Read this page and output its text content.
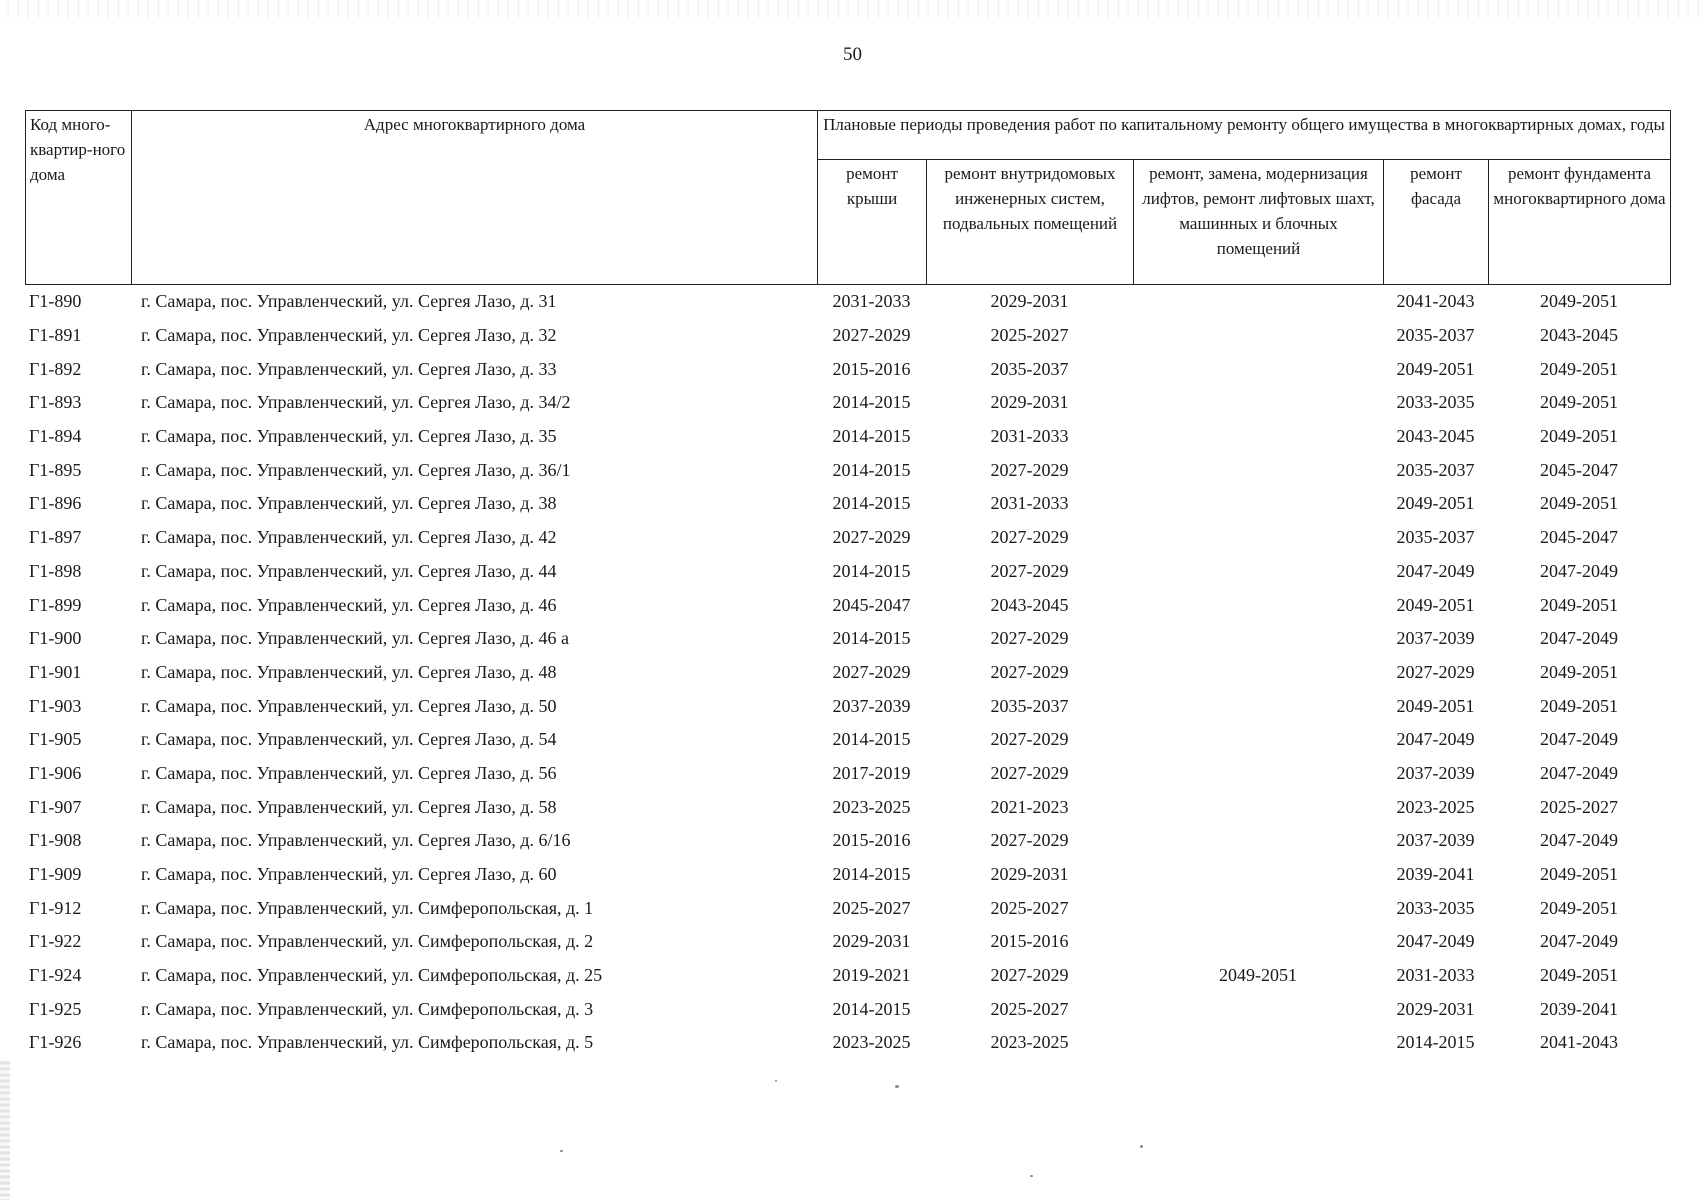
50
Код много-квартир-ного дома	Адрес многоквартирного дома	Плановые периоды проведения работ по капитальному ремонту общего имущества в многоквартирных домах, годы				
		ремонт крыши	ремонт внутридомовых инженерных систем, подвальных помещений	ремонт, замена, модернизация лифтов, ремонт лифтовых шахт, машинных и блочных помещений	ремонт фасада	ремонт фундамента многоквартирного дома
Г1-890	г. Самара, пос. Управленческий, ул. Сергея Лазо, д. 31	2031-2033	2029-2031		2041-2043	2049-2051
Г1-891	г. Самара, пос. Управленческий, ул. Сергея Лазо, д. 32	2027-2029	2025-2027		2035-2037	2043-2045
Г1-892	г. Самара, пос. Управленческий, ул. Сергея Лазо, д. 33	2015-2016	2035-2037		2049-2051	2049-2051
Г1-893	г. Самара, пос. Управленческий, ул. Сергея Лазо, д. 34/2	2014-2015	2029-2031		2033-2035	2049-2051
Г1-894	г. Самара, пос. Управленческий, ул. Сергея Лазо, д. 35	2014-2015	2031-2033		2043-2045	2049-2051
Г1-895	г. Самара, пос. Управленческий, ул. Сергея Лазо, д. 36/1	2014-2015	2027-2029		2035-2037	2045-2047
Г1-896	г. Самара, пос. Управленческий, ул. Сергея Лазо, д. 38	2014-2015	2031-2033		2049-2051	2049-2051
Г1-897	г. Самара, пос. Управленческий, ул. Сергея Лазо, д. 42	2027-2029	2027-2029		2035-2037	2045-2047
Г1-898	г. Самара, пос. Управленческий, ул. Сергея Лазо, д. 44	2014-2015	2027-2029		2047-2049	2047-2049
Г1-899	г. Самара, пос. Управленческий, ул. Сергея Лазо, д. 46	2045-2047	2043-2045		2049-2051	2049-2051
Г1-900	г. Самара, пос. Управленческий, ул. Сергея Лазо, д. 46 а	2014-2015	2027-2029		2037-2039	2047-2049
Г1-901	г. Самара, пос. Управленческий, ул. Сергея Лазо, д. 48	2027-2029	2027-2029		2027-2029	2049-2051
Г1-903	г. Самара, пос. Управленческий, ул. Сергея Лазо, д. 50	2037-2039	2035-2037		2049-2051	2049-2051
Г1-905	г. Самара, пос. Управленческий, ул. Сергея Лазо, д. 54	2014-2015	2027-2029		2047-2049	2047-2049
Г1-906	г. Самара, пос. Управленческий, ул. Сергея Лазо, д. 56	2017-2019	2027-2029		2037-2039	2047-2049
Г1-907	г. Самара, пос. Управленческий, ул. Сергея Лазо, д. 58	2023-2025	2021-2023		2023-2025	2025-2027
Г1-908	г. Самара, пос. Управленческий, ул. Сергея Лазо, д. 6/16	2015-2016	2027-2029		2037-2039	2047-2049
Г1-909	г. Самара, пос. Управленческий, ул. Сергея Лазо, д. 60	2014-2015	2029-2031		2039-2041	2049-2051
Г1-912	г. Самара, пос. Управленческий, ул. Симферопольская, д. 1	2025-2027	2025-2027		2033-2035	2049-2051
Г1-922	г. Самара, пос. Управленческий, ул. Симферопольская, д. 2	2029-2031	2015-2016		2047-2049	2047-2049
Г1-924	г. Самара, пос. Управленческий, ул. Симферопольская, д. 25	2019-2021	2027-2029	2049-2051	2031-2033	2049-2051
Г1-925	г. Самара, пос. Управленческий, ул. Симферопольская, д. 3	2014-2015	2025-2027		2029-2031	2039-2041
Г1-926	г. Самара, пос. Управленческий, ул. Симферопольская, д. 5	2023-2025	2023-2025		2014-2015	2041-2043
